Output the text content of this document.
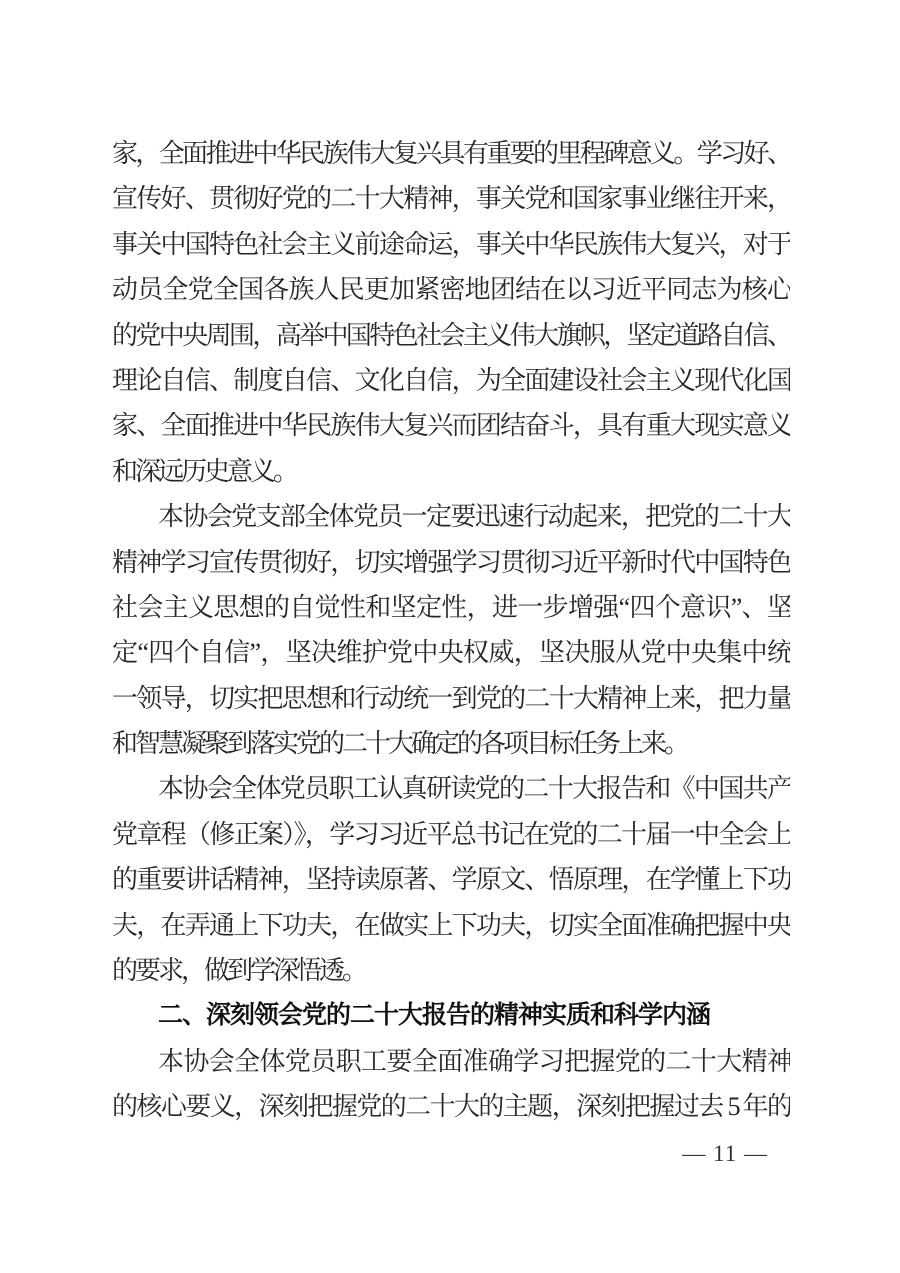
家，全面推进中华民族伟大复兴具有重要的里程碑意义。学习好、
宣传好、贯彻好党的二十大精神，事关党和国家事业继往开来，
事关中国特色社会主义前途命运，事关中华民族伟大复兴，对于
动员全党全国各族人民更加紧密地团结在以习近平同志为核心
的党中央周围，高举中国特色社会主义伟大旗帜，坚定道路自信、
理论自信、制度自信、文化自信，为全面建设社会主义现代化国
家、全面推进中华民族伟大复兴而团结奋斗，具有重大现实意义
和深远历史意义。
本协会党支部全体党员一定要迅速行动起来，把党的二十大
精神学习宣传贯彻好，切实增强学习贯彻习近平新时代中国特色
社会主义思想的自觉性和坚定性，进一步增强“四个意识”、坚
定“四个自信”，坚决维护党中央权威，坚决服从党中央集中统
一领导，切实把思想和行动统一到党的二十大精神上来，把力量
和智慧凝聚到落实党的二十大确定的各项目标任务上来。
本协会全体党员职工认真研读党的二十大报告和《中国共产
党章程（修正案）》，学习习近平总书记在党的二十届一中全会上
的重要讲话精神，坚持读原著、学原文、悟原理，在学懂上下功
夫，在弄通上下功夫，在做实上下功夫，切实全面准确把握中央
的要求，做到学深悟透。
二、深刻领会党的二十大报告的精神实质和科学内涵
本协会全体党员职工要全面准确学习把握党的二十大精神
的核心要义，深刻把握党的二十大的主题，深刻把握过去 5 年的
— 11 —
